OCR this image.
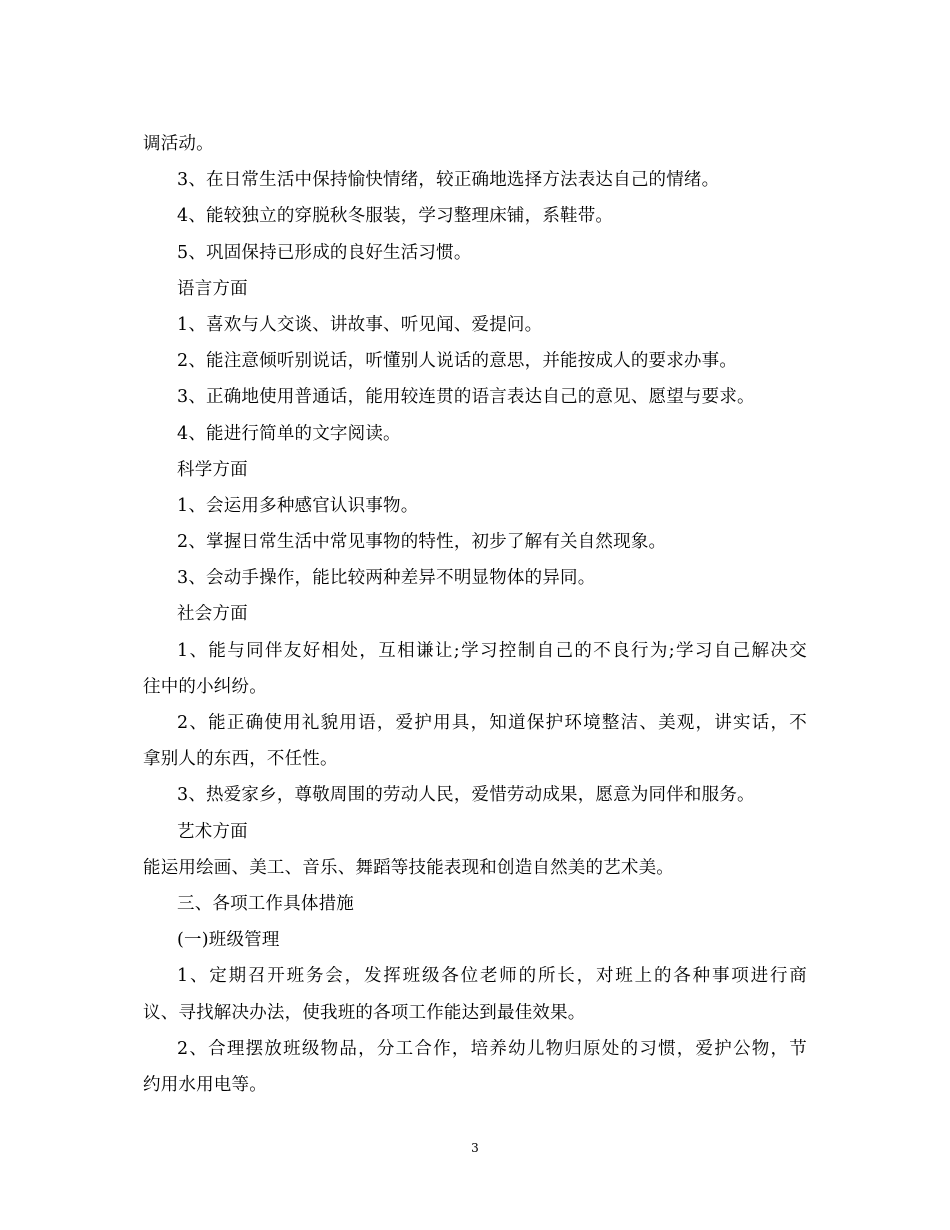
调活动。
3、在日常生活中保持愉快情绪，较正确地选择方法表达自己的情绪。
4、能较独立的穿脱秋冬服装，学习整理床铺，系鞋带。
5、巩固保持已形成的良好生活习惯。
语言方面
1、喜欢与人交谈、讲故事、听见闻、爱提问。
2、能注意倾听别说话，听懂别人说话的意思，并能按成人的要求办事。
3、正确地使用普通话，能用较连贯的语言表达自己的意见、愿望与要求。
4、能进行简单的文字阅读。
科学方面
1、会运用多种感官认识事物。
2、掌握日常生活中常见事物的特性，初步了解有关自然现象。
3、会动手操作，能比较两种差异不明显物体的异同。
社会方面
1、能与同伴友好相处，互相谦让;学习控制自己的不良行为;学习自己解决交
往中的小纠纷。
2、能正确使用礼貌用语，爱护用具，知道保护环境整洁、美观，讲实话，不
拿别人的东西，不任性。
3、热爱家乡，尊敬周围的劳动人民，爱惜劳动成果，愿意为同伴和服务。
艺术方面
能运用绘画、美工、音乐、舞蹈等技能表现和创造自然美的艺术美。
三、各项工作具体措施
(一)班级管理
1、定期召开班务会，发挥班级各位老师的所长，对班上的各种事项进行商
议、寻找解决办法，使我班的各项工作能达到最佳效果。
2、合理摆放班级物品，分工合作，培养幼儿物归原处的习惯，爱护公物，节
约用水用电等。
3
